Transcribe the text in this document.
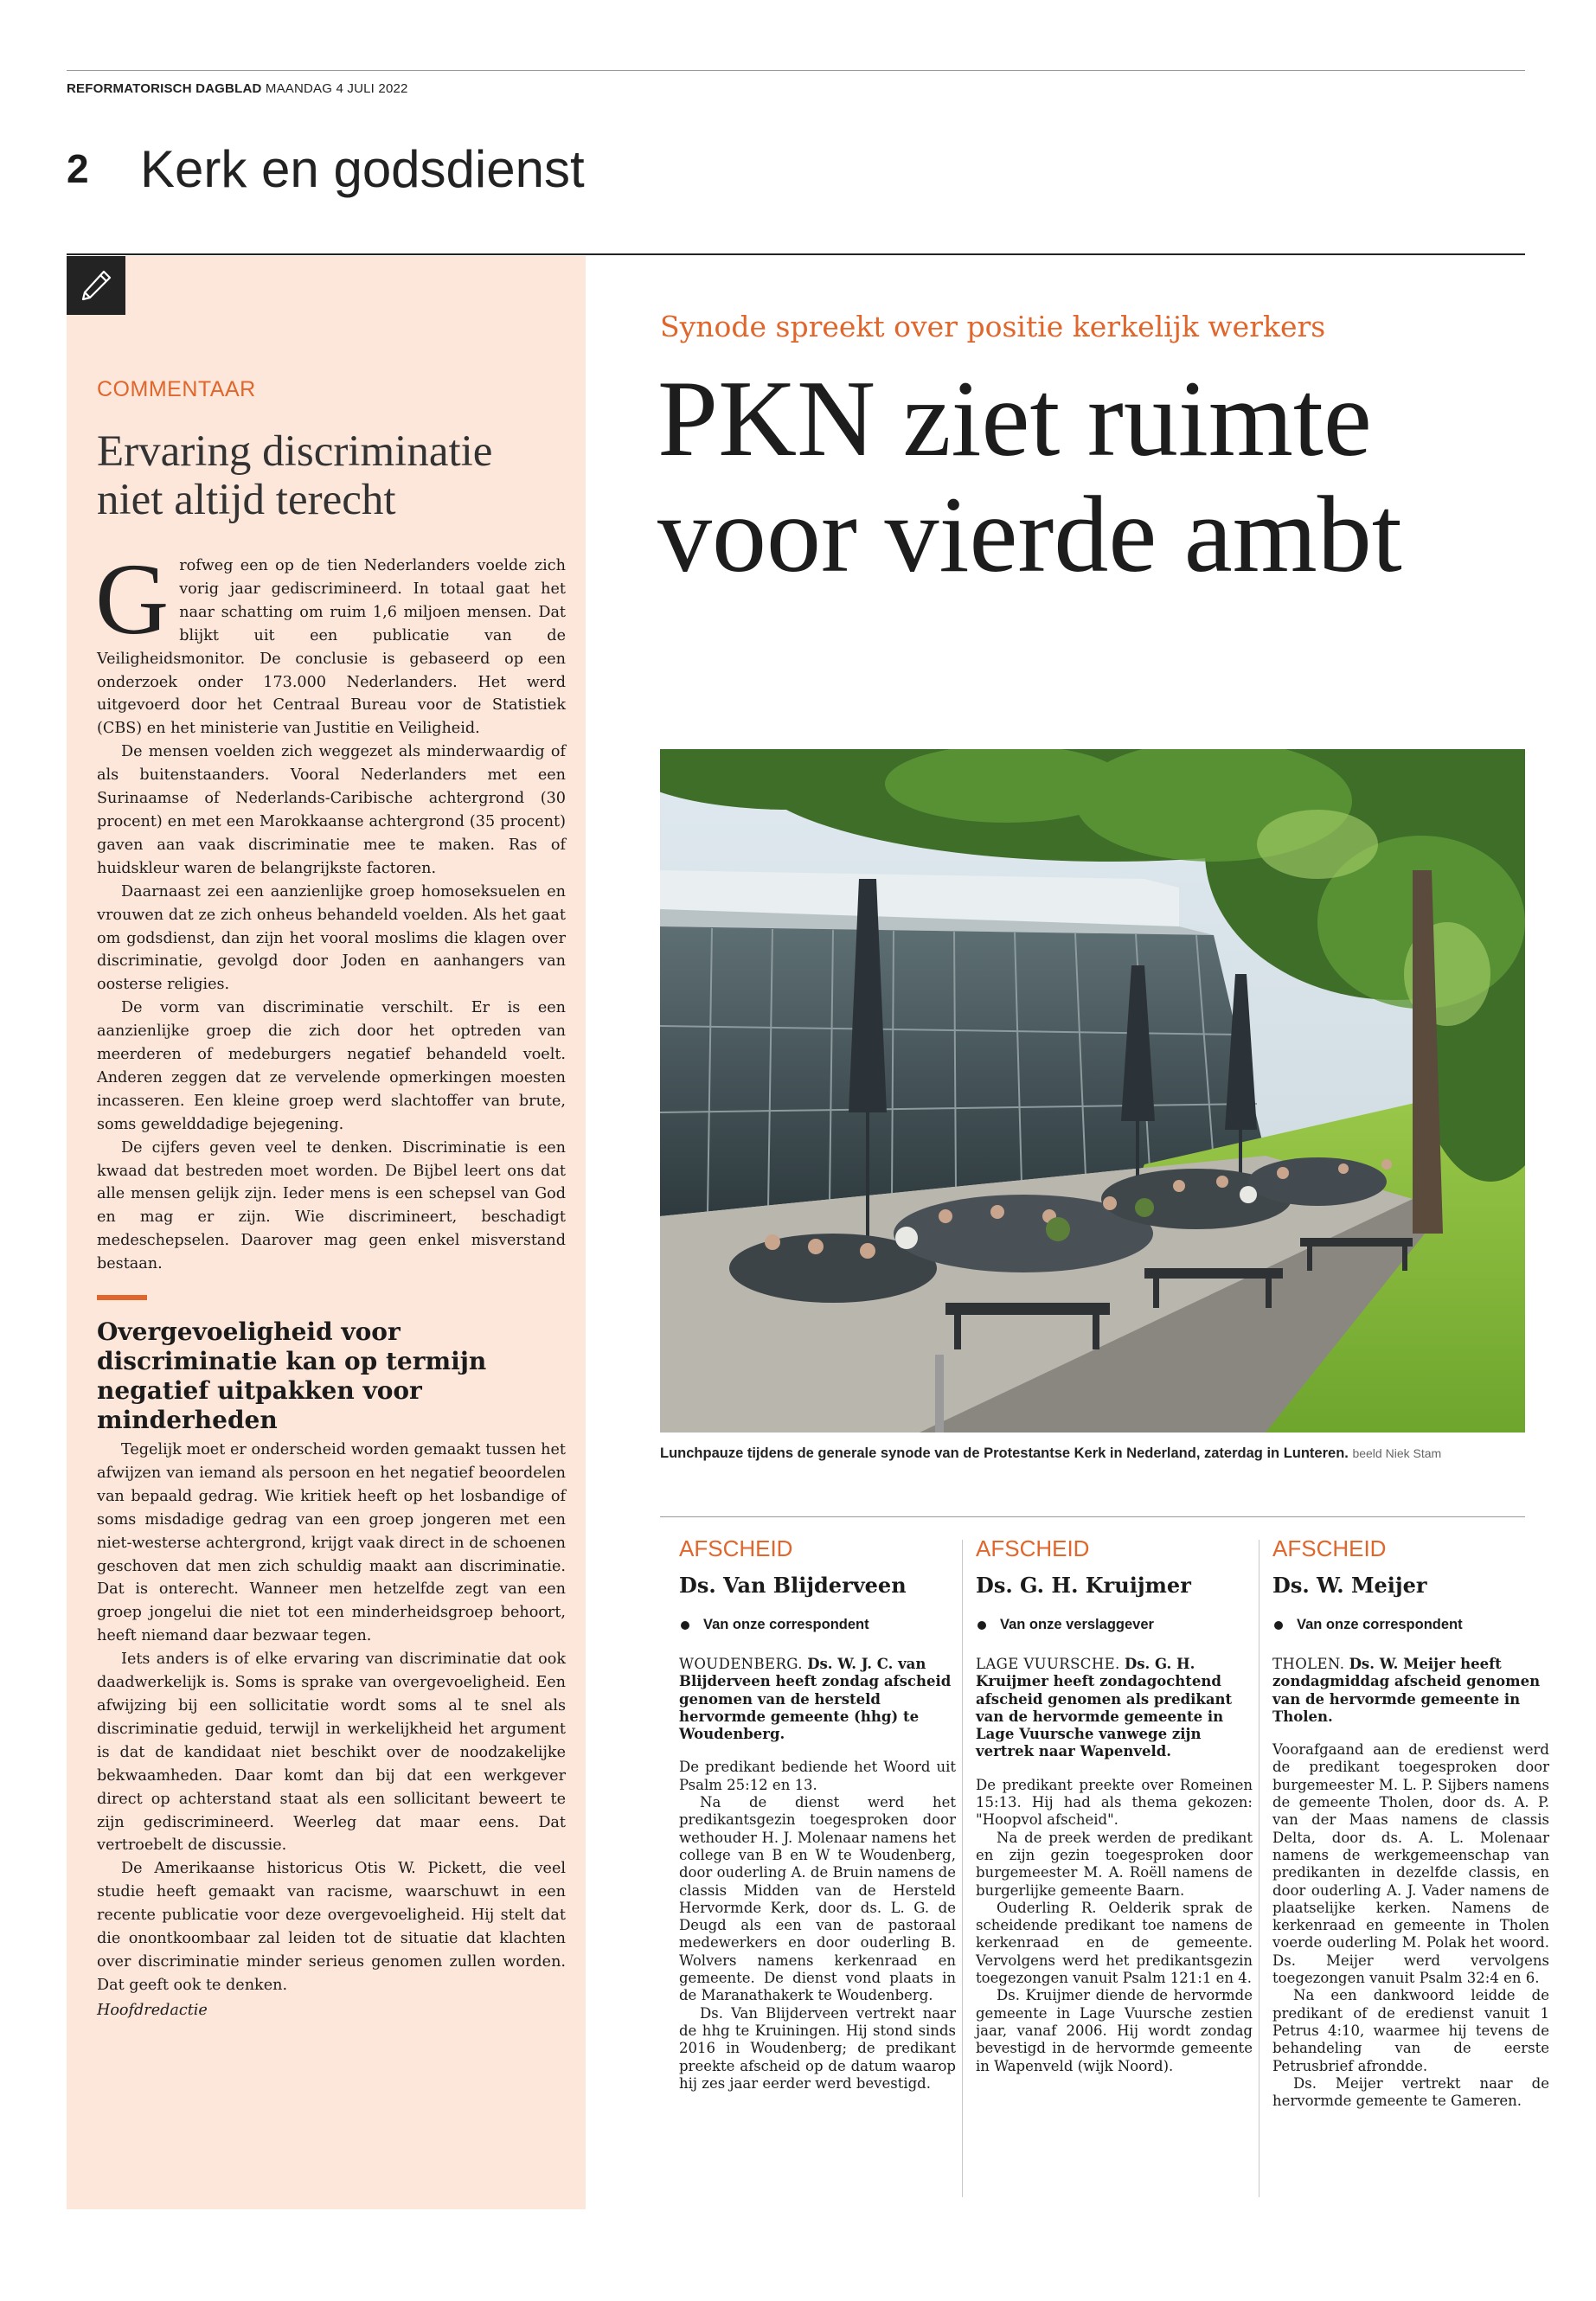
REFORMATORISCH DAGBLAD MAANDAG 4 JULI 2022
2 Kerk en godsdienst
COMMENTAAR
Ervaring discriminatie niet altijd terecht

Grofweg een op de tien Nederlanders voelde zich vorig jaar gediscrimineerd. In totaal gaat het naar schatting om ruim 1,6 miljoen mensen. Dat blijkt uit een publicatie van de Veiligheidsmonitor. De conclusie is gebaseerd op een onderzoek onder 173.000 Nederlanders. Het werd uitgevoerd door het Centraal Bureau voor de Statistiek (CBS) en het ministerie van Justitie en Veiligheid.

De mensen voelden zich weggezet als minderwaardig of als buitenstaanders. Vooral Nederlanders met een Surinaamse of Nederlands-Caribische achtergrond (30 procent) en met een Marokkaanse achtergrond (35 procent) gaven aan vaak discriminatie mee te maken. Ras of huidskleur waren de belangrijkste factoren.

Daarnaast zei een aanzienlijke groep homoseksuelen en vrouwen dat ze zich onheus behandeld voelden. Als het gaat om godsdienst, dan zijn het vooral moslims die klagen over discriminatie, gevolgd door Joden en aanhangers van oosterse religies.

De vorm van discriminatie verschilt. Er is een aanzienlijke groep die zich door het optreden van meerderen of medeburgers negatief behandeld voelt. Anderen zeggen dat ze vervelende opmerkingen moesten incasseren. Een kleine groep werd slachtoffer van brute, soms gewelddadige bejegening.

De cijfers geven veel te denken. Discriminatie is een kwaad dat bestreden moet worden. De Bijbel leert ons dat alle mensen gelijk zijn. Ieder mens is een schepsel van God en mag er zijn. Wie discrimineert, beschadigt medeschepselen. Daarover mag geen enkel misverstand bestaan.

Overgevoeligheid voor discriminatie kan op termijn negatief uitpakken voor minderheden

Tegelijk moet er onderscheid worden gemaakt tussen het afwijzen van iemand als persoon en het negatief beoordelen van bepaald gedrag. Wie kritiek heeft op het losbandige of soms misdadige gedrag van een groep jongeren met een niet-westerse achtergrond, krijgt vaak direct in de schoenen geschoven dat men zich schuldig maakt aan discriminatie. Dat is onterecht. Wanneer men hetzelfde zegt van een groep jongelui die niet tot een minderheidsgroep behoort, heeft niemand daar bezwaar tegen.

Iets anders is of elke ervaring van discriminatie dat ook daadwerkelijk is. Soms is sprake van overgevoeligheid. Een afwijzing bij een sollicitatie wordt soms al te snel als discriminatie geduid, terwijl in werkelijkheid het argument is dat de kandidaat niet beschikt over de noodzakelijke bekwaamheden. Daar komt dan bij dat een werkgever direct op achterstand staat als een sollicitant beweert te zijn gediscrimineerd. Weerleg dat maar eens. Dat vertroebelt de discussie.

De Amerikaanse historicus Otis W. Pickett, die veel studie heeft gemaakt van racisme, waarschuwt in een recente publicatie voor deze overgevoeligheid. Hij stelt dat die onontkoombaar zal leiden tot de situatie dat klachten over discriminatie minder serieus genomen zullen worden. Dat geeft ook te denken.

Hoofdredactie
Synode spreekt over positie kerkelijk werkers
PKN ziet ruimte voor vierde ambt
Lunchpauze tijdens de generale synode van de Protestantse Kerk in Nederland, zaterdag in Lunteren. beeld Niek Stam
AFSCHEID
Ds. Van Blijderveen
Van onze correspondent
WOUDENBERG. Ds. W. J. C. van Blijderveen heeft zondag afscheid genomen van de hersteld hervormde gemeente (hhg) te Woudenberg.

De predikant bediende het Woord uit Psalm 25:12 en 13.

Na de dienst werd het predikantsgezin toegesproken door wethouder H. J. Molenaar namens het college van B en W te Woudenberg, door ouderling A. de Bruin namens de classis Midden van de Hersteld Hervormde Kerk, door ds. L. G. de Deugd als een van de pastoraal medewerkers en door ouderling B. Wolvers namens kerkenraad en gemeente. De dienst vond plaats in de Maranathakerk te Woudenberg.

Ds. Van Blijderveen vertrekt naar de hhg te Kruiningen. Hij stond sinds 2016 in Woudenberg; de predikant preekte afscheid op de datum waarop hij zes jaar eerder werd bevestigd.

AFSCHEID
Ds. G. H. Kruijmer
Van onze verslaggever
LAGE VUURSCHE. Ds. G. H. Kruijmer heeft zondagochtend afscheid genomen als predikant van de hervormde gemeente in Lage Vuursche vanwege zijn vertrek naar Wapenveld.

De predikant preekte over Romeinen 15:13. Hij had als thema gekozen: "Hoopvol afscheid".

Na de preek werden de predikant en zijn gezin toegesproken door burgemeester M. A. Roëll namens de burgerlijke gemeente Baarn.

Ouderling R. Oelderik sprak de scheidende predikant toe namens de kerkenraad en de gemeente. Vervolgens werd het predikantsgezin toegezongen vanuit Psalm 121:1 en 4.

Ds. Kruijmer diende de hervormde gemeente in Lage Vuursche zestien jaar, vanaf 2006. Hij wordt zondag bevestigd in de hervormde gemeente in Wapenveld (wijk Noord).

AFSCHEID
Ds. W. Meijer
Van onze correspondent
THOLEN. Ds. W. Meijer heeft zondagmiddag afscheid genomen van de hervormde gemeente in Tholen.

Voorafgaand aan de eredienst werd de predikant toegesproken door burgemeester M. L. P. Sijbers namens de gemeente Tholen, door ds. A. P. van der Maas namens de classis Delta, door ds. A. L. Molenaar namens de werkgemeenschap van predikanten in dezelfde classis, en door ouderling A. J. Vader namens de plaatselijke kerken. Namens de kerkenraad en gemeente in Tholen voerde ouderling M. Polak het woord. Ds. Meijer werd vervolgens toegezongen vanuit Psalm 32:4 en 6.

Na een dankwoord leidde de predikant of de eredienst vanuit 1 Petrus 4:10, waarmee hij tevens de behandeling van de eerste Petrusbrief afrondde.

Ds. Meijer vertrekt naar de hervormde gemeente te Gameren.
